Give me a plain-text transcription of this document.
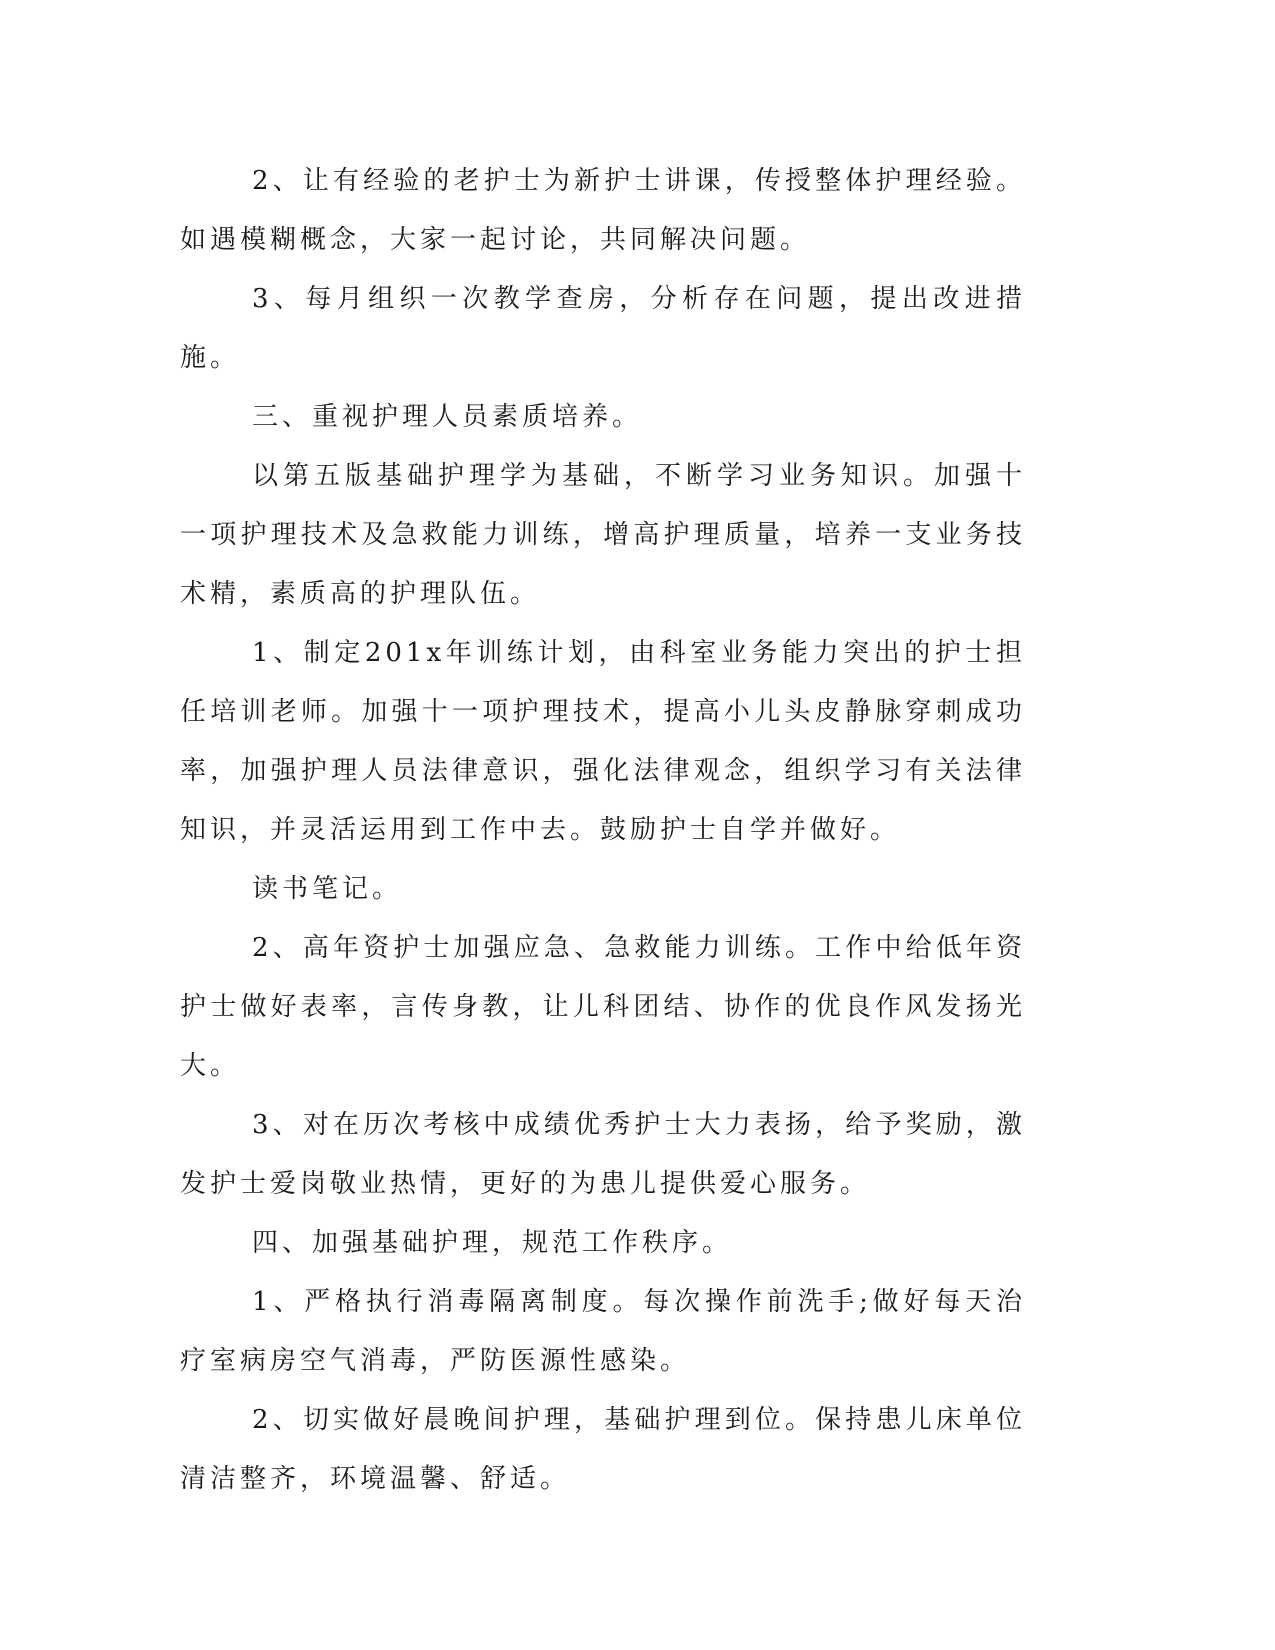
2、让有经验的老护士为新护士讲课，传授整体护理经验。如遇模糊概念，大家一起讨论，共同解决问题。

3、每月组织一次教学查房，分析存在问题，提出改进措施。

三、重视护理人员素质培养。

以第五版基础护理学为基础，不断学习业务知识。加强十一项护理技术及急救能力训练，增高护理质量，培养一支业务技术精，素质高的护理队伍。

1、制定201x年训练计划，由科室业务能力突出的护士担任培训老师。加强十一项护理技术，提高小儿头皮静脉穿刺成功率，加强护理人员法律意识，强化法律观念，组织学习有关法律知识，并灵活运用到工作中去。鼓励护士自学并做好。

读书笔记。

2、高年资护士加强应急、急救能力训练。工作中给低年资护士做好表率，言传身教，让儿科团结、协作的优良作风发扬光大。

3、对在历次考核中成绩优秀护士大力表扬，给予奖励，激发护士爱岗敬业热情，更好的为患儿提供爱心服务。

四、加强基础护理，规范工作秩序。

1、严格执行消毒隔离制度。每次操作前洗手;做好每天治疗室病房空气消毒，严防医源性感染。

2、切实做好晨晚间护理，基础护理到位。保持患儿床单位清洁整齐，环境温馨、舒适。
